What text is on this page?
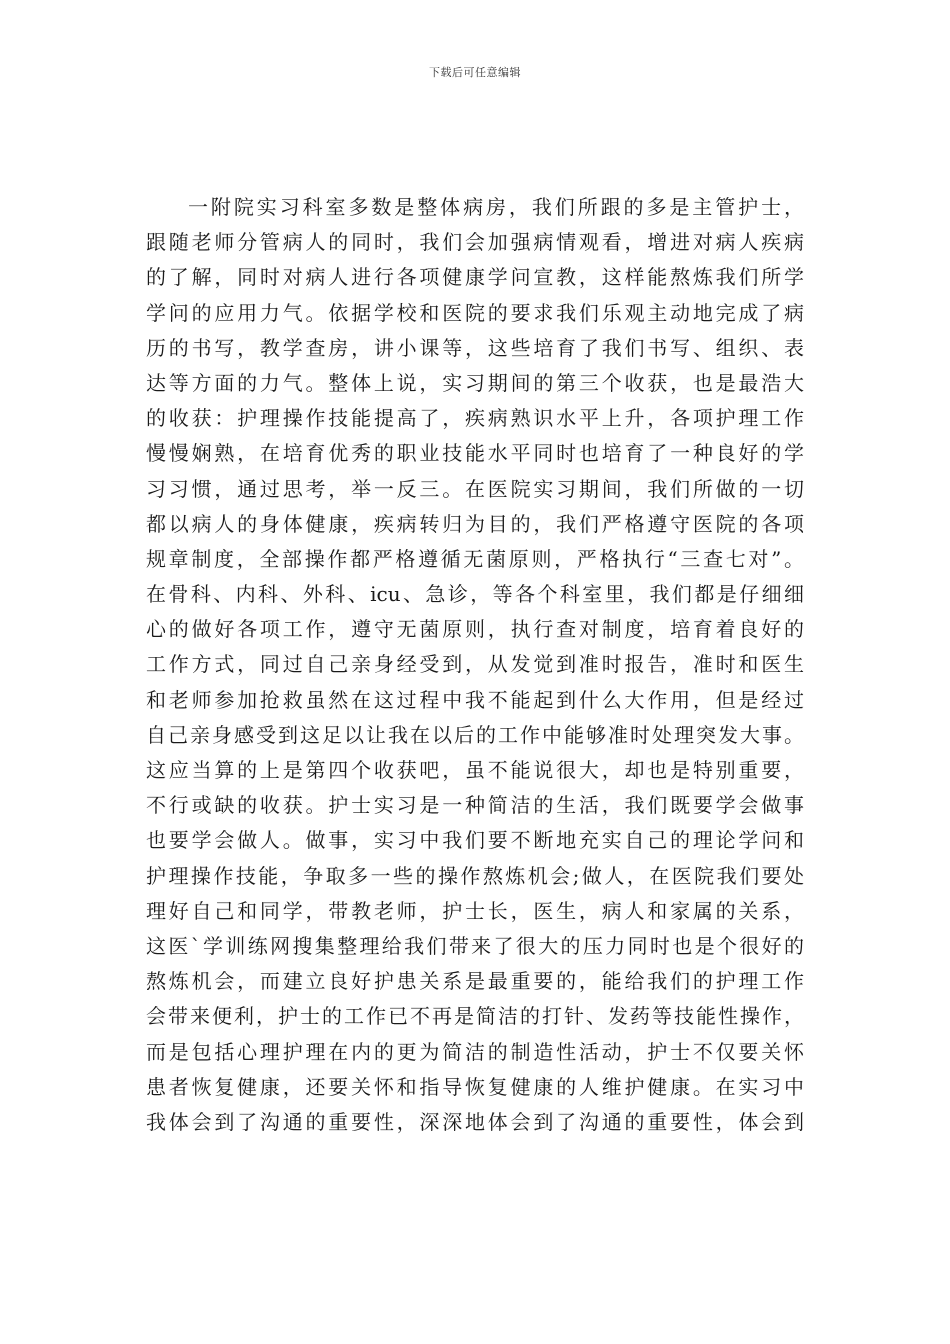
下载后可任意编辑
一附院实习科室多数是整体病房，我们所跟的多是主管护士，
跟随老师分管病人的同时，我们会加强病情观看，增进对病人疾病
的了解，同时对病人进行各项健康学问宣教，这样能熬炼我们所学
学问的应用力气。依据学校和医院的要求我们乐观主动地完成了病
历的书写，教学查房，讲小课等，这些培育了我们书写、组织、表
达等方面的力气。整体上说，实习期间的第三个收获，也是最浩大
的收获：护理操作技能提高了，疾病熟识水平上升，各项护理工作
慢慢娴熟，在培育优秀的职业技能水平同时也培育了一种良好的学
习习惯，通过思考，举一反三。在医院实习期间，我们所做的一切
都以病人的身体健康，疾病转归为目的，我们严格遵守医院的各项
规章制度，全部操作都严格遵循无菌原则，严格执行“三查七对”。
在骨科、内科、外科、icu、急诊，等各个科室里，我们都是仔细细
心的做好各项工作，遵守无菌原则，执行查对制度，培育着良好的
工作方式，同过自己亲身经受到，从发觉到准时报告，准时和医生
和老师参加抢救虽然在这过程中我不能起到什么大作用，但是经过
自己亲身感受到这足以让我在以后的工作中能够准时处理突发大事。
这应当算的上是第四个收获吧，虽不能说很大，却也是特别重要，
不行或缺的收获。护士实习是一种简洁的生活，我们既要学会做事
也要学会做人。做事，实习中我们要不断地充实自己的理论学问和
护理操作技能，争取多一些的操作熬炼机会;做人，在医院我们要处
理好自己和同学，带教老师，护士长，医生，病人和家属的关系，
这医`学训练网搜集整理给我们带来了很大的压力同时也是个很好的
熬炼机会，而建立良好护患关系是最重要的，能给我们的护理工作
会带来便利，护士的工作已不再是简洁的打针、发药等技能性操作，
而是包括心理护理在内的更为简洁的制造性活动，护士不仅要关怀
患者恢复健康，还要关怀和指导恢复健康的人维护健康。在实习中
我体会到了沟通的重要性，深深地体会到了沟通的重要性，体会到
